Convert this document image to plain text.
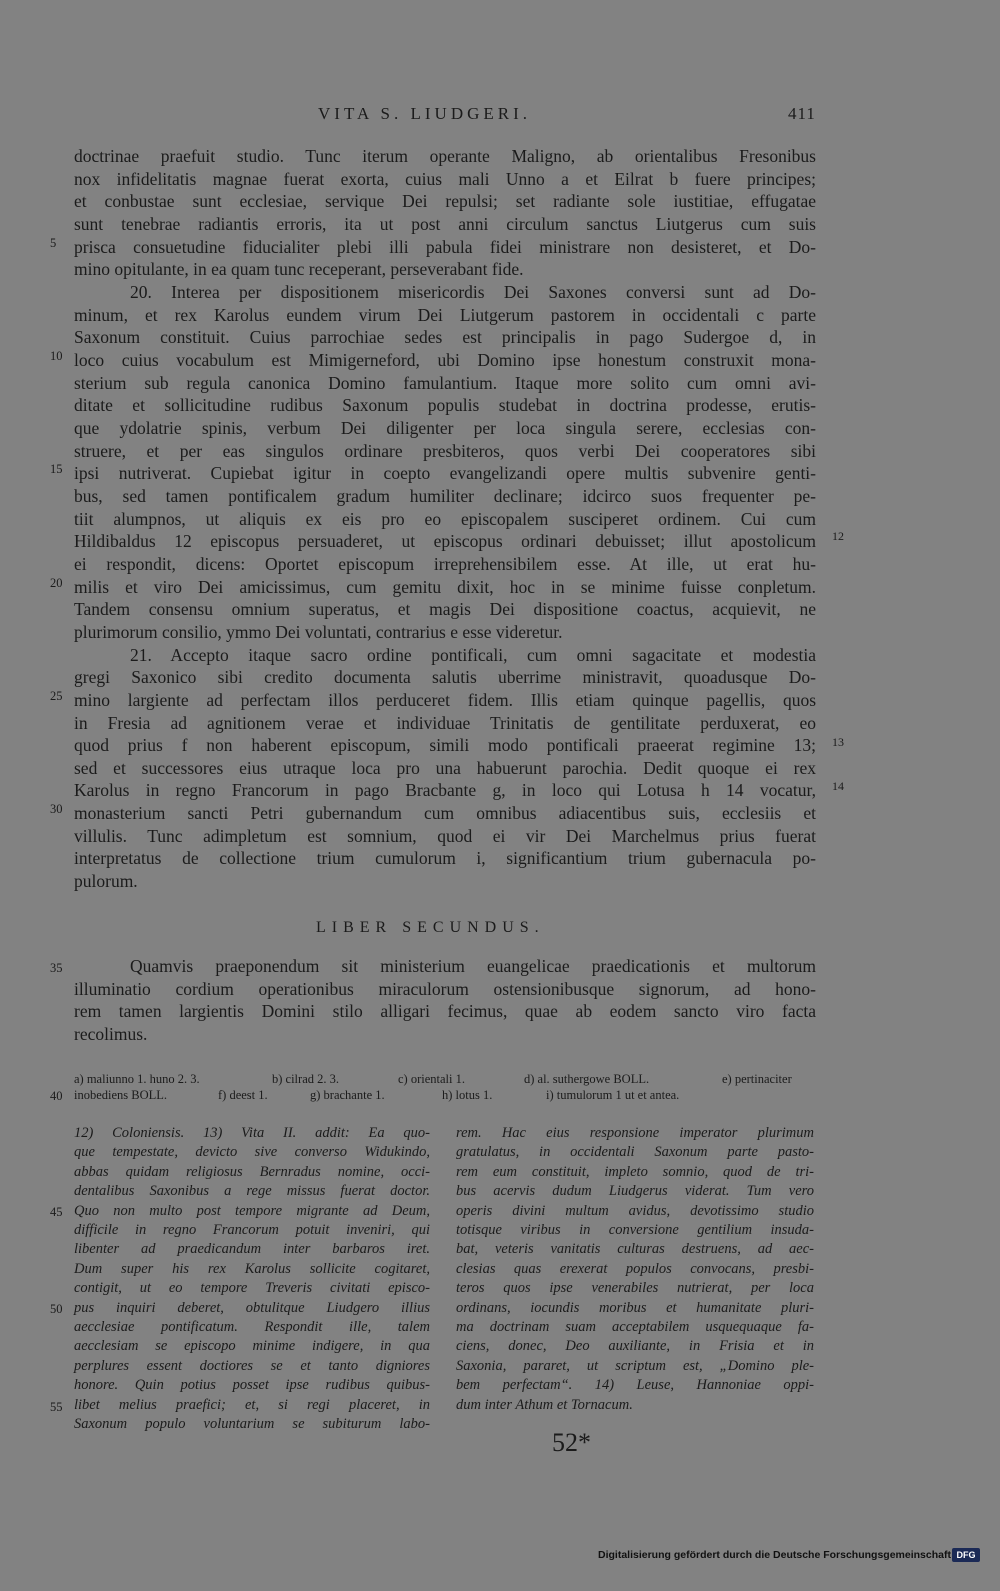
VITA S. LIUDGERI.	411
doctrinae praefuit studio. Tunc iterum operante Maligno, ab orientalibus Fresonibus
nox infidelitatis magnae fuerat exorta, cuius mali Unno a et Eilrat b fuere principes;
et conbustae sunt ecclesiae, servique Dei repulsi; set radiante sole iustitiae, effugatae
sunt tenebrae radiantis erroris, ita ut post anni circulum sanctus Liutgerus cum suis
prisca consuetudine fiducialiter plebi illi pabula fidei ministrare non desisteret, et Do-
mino opitulante, in ea quam tunc receperant, perseverabant fide.
20. Interea per dispositionem misericordis Dei Saxones conversi sunt ad Do-
minum, et rex Karolus eundem virum Dei Liutgerum pastorem in occidentali c parte
Saxonum constituit. Cuius parrochiae sedes est principalis in pago Sudergoe d, in
loco cuius vocabulum est Mimigerneford, ubi Domino ipse honestum construxit mona-
sterium sub regula canonica Domino famulantium. Itaque more solito cum omni avi-
ditate et sollicitudine rudibus Saxonum populis studebat in doctrina prodesse, erutis-
que ydolatrie spinis, verbum Dei diligenter per loca singula serere, ecclesias con-
struere, et per eas singulos ordinare presbiteros, quos verbi Dei cooperatores sibi
ipsi nutriverat. Cupiebat igitur in coepto evangelizandi opere multis subvenire genti-
bus, sed tamen pontificalem gradum humiliter declinare; idcirco suos frequenter pe-
tiit alumpnos, ut aliquis ex eis pro eo episcopalem susciperet ordinem. Cui cum
Hildibaldus 12 episcopus persuaderet, ut episcopus ordinari debuisset; illut apostolicum
ei respondit, dicens: Oportet episcopum irreprehensibilem esse. At ille, ut erat hu-
milis et viro Dei amicissimus, cum gemitu dixit, hoc in se minime fuisse conpletum.
Tandem consensu omnium superatus, et magis Dei dispositione coactus, acquievit, ne
plurimorum consilio, ymmo Dei voluntati, contrarius e esse videretur.
21. Accepto itaque sacro ordine pontificali, cum omni sagacitate et modestia
gregi Saxonico sibi credito documenta salutis uberrime ministravit, quoadusque Do-
mino largiente ad perfectam illos perduceret fidem. Illis etiam quinque pagellis, quos
in Fresia ad agnitionem verae et individuae Trinitatis de gentilitate perduxerat, eo
quod prius f non haberent episcopum, simili modo pontificali praeerat regimine 13;
sed et successores eius utraque loca pro una habuerunt parochia. Dedit quoque ei rex
Karolus in regno Francorum in pago Bracbante g, in loco qui Lotusa h 14 vocatur,
monasterium sancti Petri gubernandum cum omnibus adiacentibus suis, ecclesiis et
villulis. Tunc adimpletum est somnium, quod ei vir Dei Marchelmus prius fuerat
interpretatus de collectione trium cumulorum i, significantium trium gubernacula po-
pulorum.
LIBER SECUNDUS.
Quamvis praeponendum sit ministerium euangelicae praedicationis et multorum
illuminatio cordium operationibus miraculorum ostensionibusque signorum, ad hono-
rem tamen largientis Domini stilo alligari fecimus, quae ab eodem sancto viro facta
recolimus.
5
10
15
20
25
30
35
40
45
50
55
12
13
14
a) maliunno 1. huno 2. 3.	b) cilrad 2. 3.	c) orientali 1.	d) al. suthergowe BOLL.	e) pertinaciter
inobediens BOLL.	f) deest 1.	g) brachante 1.	h) lotus 1.	i) tumulorum 1 ut et antea.
12) Coloniensis. 13) Vita II. addit: Ea quo-
que tempestate, devicto sive converso Widukindo,
abbas quidam religiosus Bernradus nomine, occi-
dentalibus Saxonibus a rege missus fuerat doctor.
Quo non multo post tempore migrante ad Deum,
difficile in regno Francorum potuit inveniri, qui
libenter ad praedicandum inter barbaros iret.
Dum super his rex Karolus sollicite cogitaret,
contigit, ut eo tempore Treveris civitati episco-
pus inquiri deberet, obtulitque Liudgero illius
aecclesiae pontificatum. Respondit ille, talem
aecclesiam se episcopo minime indigere, in qua
perplures essent doctiores se et tanto digniores
honore. Quin potius posset ipse rudibus quibus-
libet melius praefici; et, si regi placeret, in
Saxonum populo voluntarium se subiturum labo-
rem. Hac eius responsione imperator plurimum
gratulatus, in occidentali Saxonum parte pasto-
rem eum constituit, impleto somnio, quod de tri-
bus acervis dudum Liudgerus viderat. Tum vero
operis divini multum avidus, devotissimo studio
totisque viribus in conversione gentilium insuda-
bat, veteris vanitatis culturas destruens, ad aec-
clesias quas erexerat populos convocans, presbi-
teros quos ipse venerabiles nutrierat, per loca
ordinans, iocundis moribus et humanitate pluri-
ma doctrinam suam acceptabilem usquequaque fa-
ciens, donec, Deo auxiliante, in Frisia et in
Saxonia, pararet, ut scriptum est, „Domino ple-
bem perfectam“. 14) Leuse, Hannoniae oppi-
dum inter Athum et Tornacum.
52*
Digitalisierung gefördert durch die Deutsche Forschungsgemeinschaft DFG
